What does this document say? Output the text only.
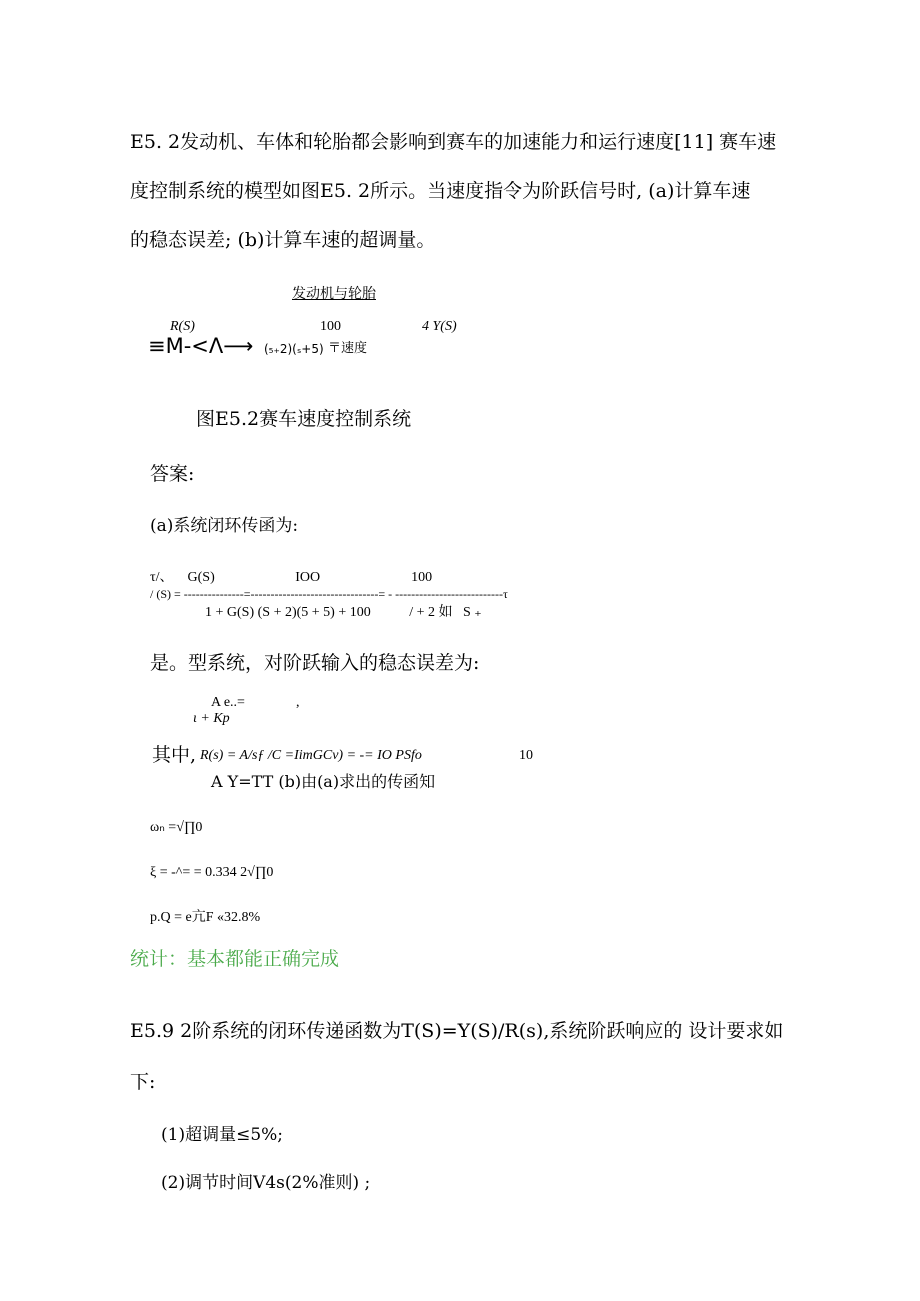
E5. 2发动机、车体和轮胎都会影响到赛车的加速能力和运行速度[11] 赛车速
度控制系统的模型如图E5. 2所示。当速度指令为阶跃信号时, (a)计算车速
的稳态误差; (b)计算车速的超调量。
发动机与轮胎
R(S)	100	4 Y(S)
≡M-<Λ⟶ (₅₊2)(ₛ+5) 〒速度
图E5.2赛车速度控制系统
答案:
(a)系统闭环传函为:
τ/、    G(S)                       IOO                          100
/ (S) = ---------------=--------------------------------= - ---------------------------τ
1 + G(S) (S + 2)(5 + 5) + 100           / + 2 如   S ₊
是。型系统，对阶跃输入的稳态误差为:
A e..=	,
ι + Kp
其中, R(s) = A/sƒ /C =IimGCv) = -= IO PSfo	10
A Y=TT (b)由(a)求出的传函知
ωₙ =√∏0
ξ = -^= = 0.334 2√∏0
p.Q = e亢F «32.8%
统计：基本都能正确完成
E5.9 2阶系统的闭环传递函数为T(S)=Y(S)/R(s),系统阶跃响应的 设计要求如
下:
(1)超调量≤5%;
(2)调节时间V4s(2%准则) ;
